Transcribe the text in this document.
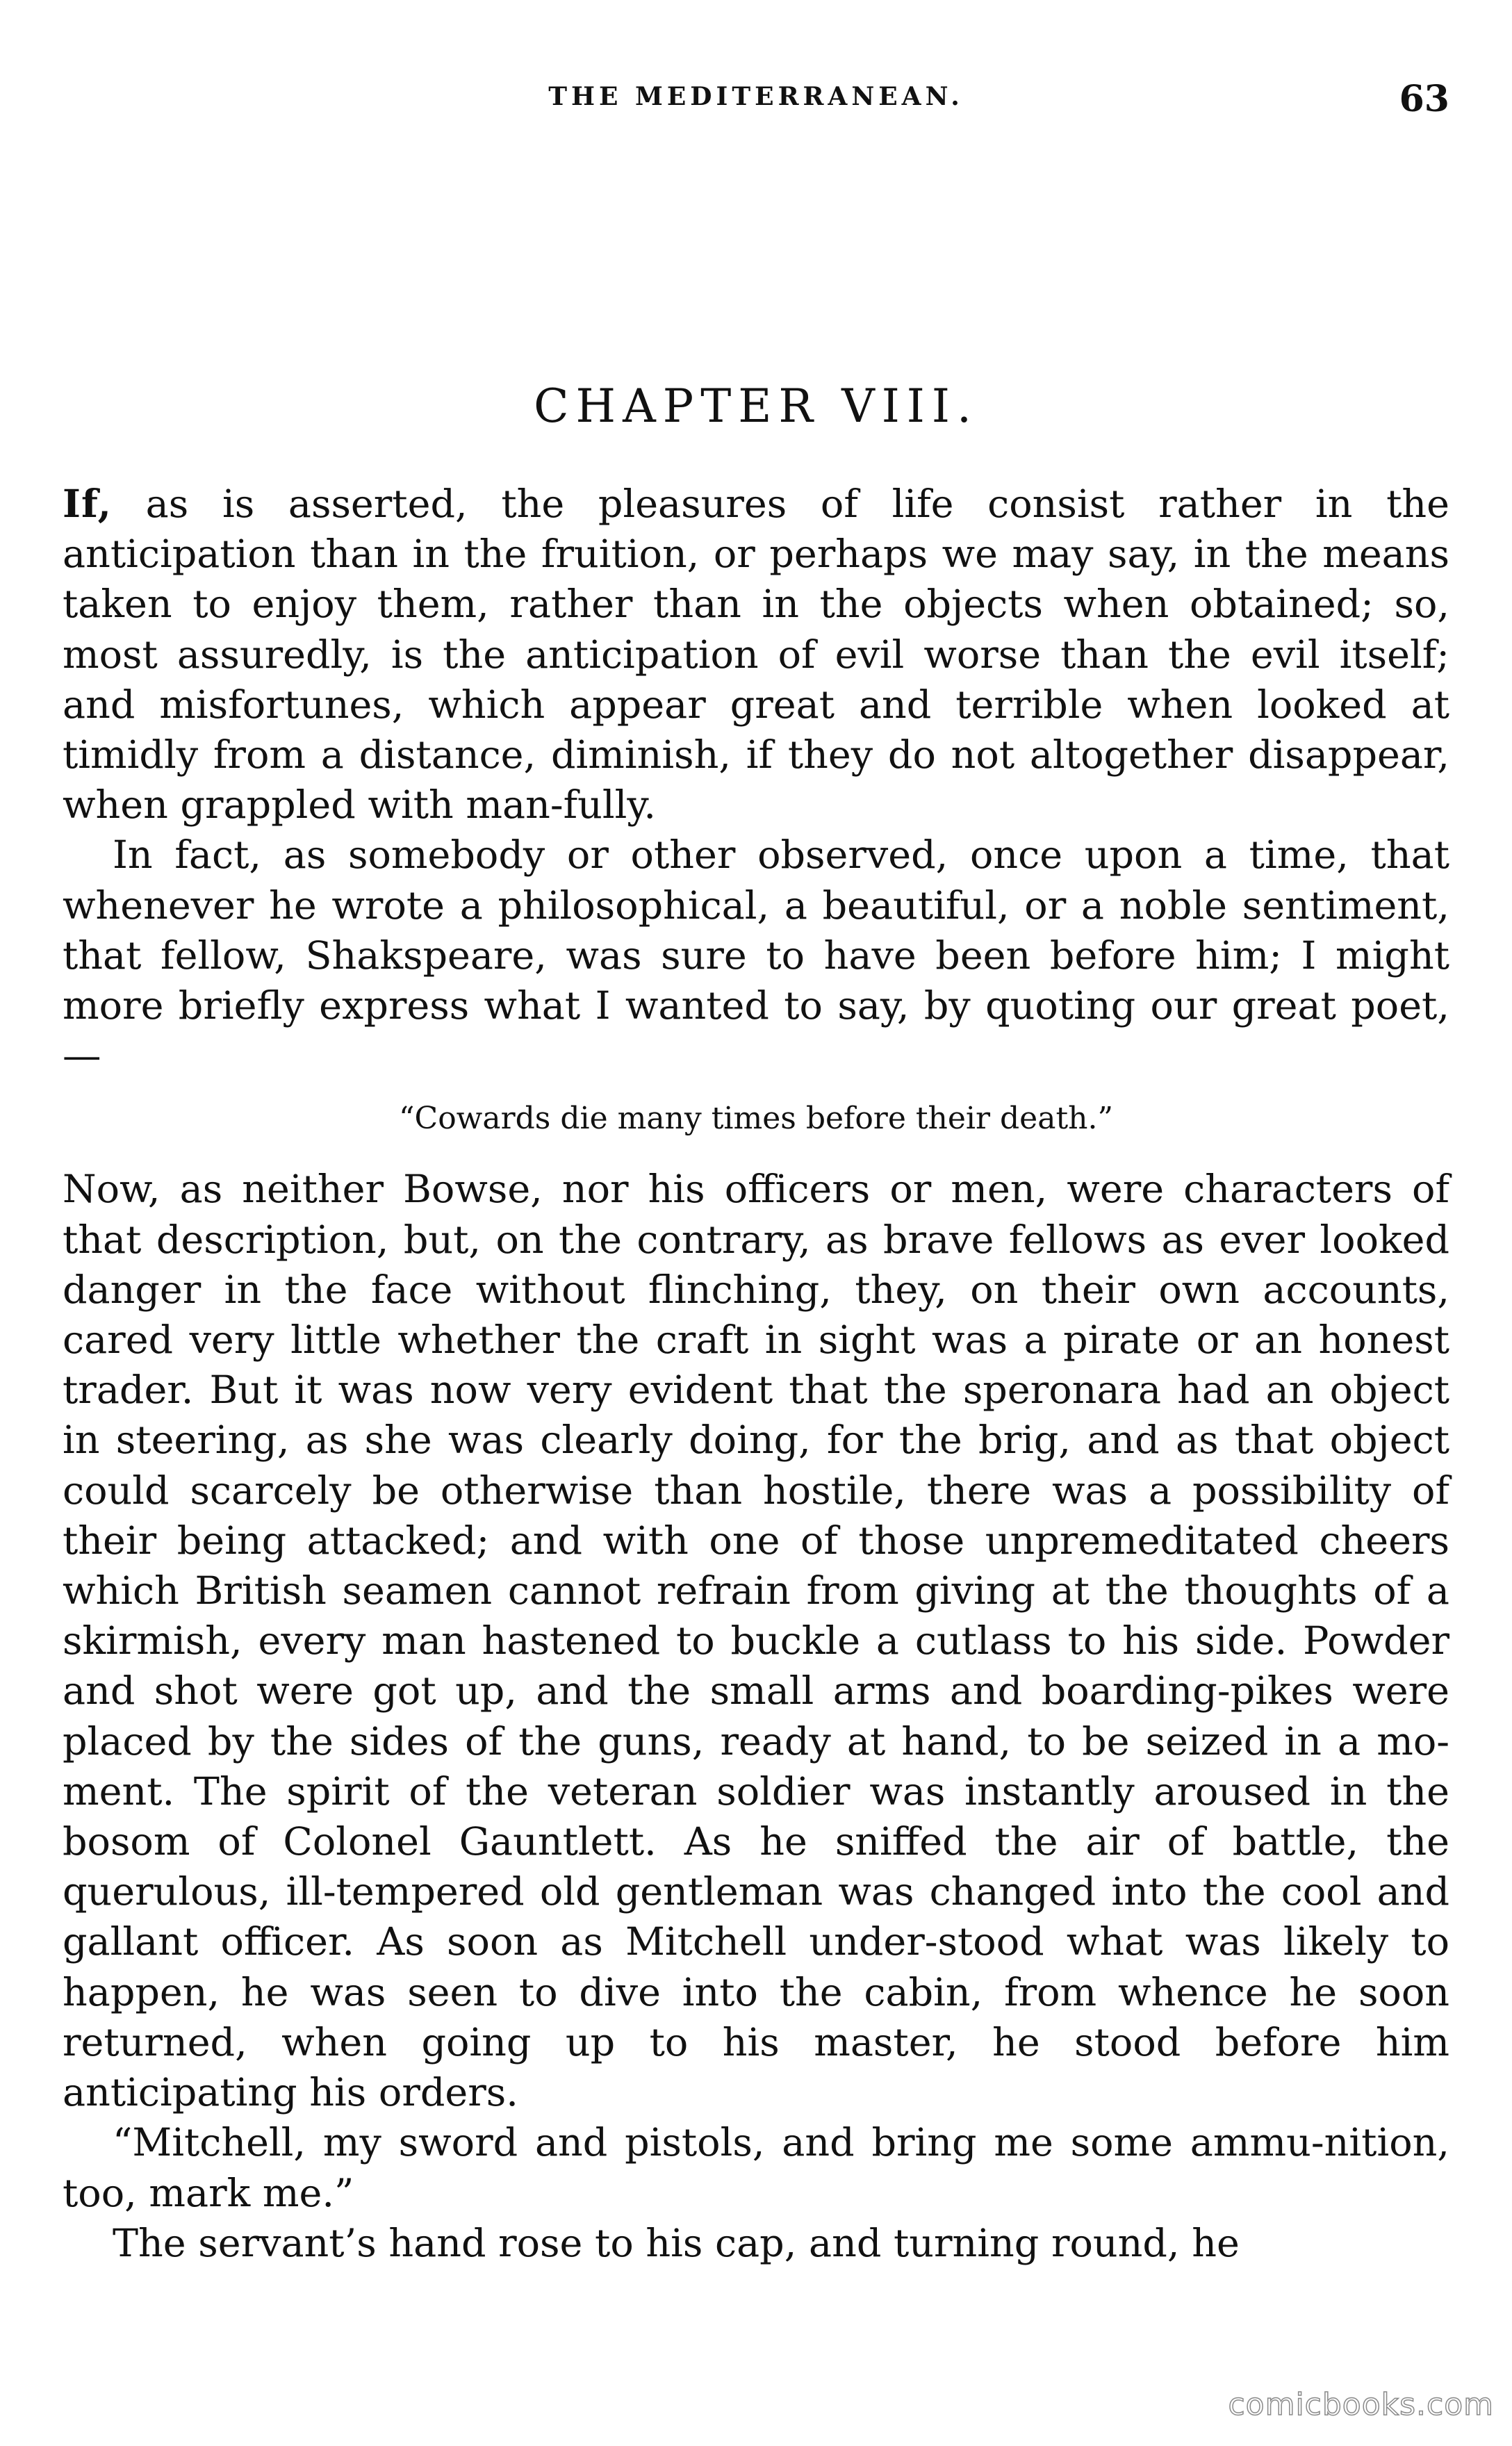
THE MEDITERRANEAN.	63
CHAPTER VIII.

If, as is asserted, the pleasures of life consist rather in the anticipation than in the fruition, or perhaps we may say, in the means taken to enjoy them, rather than in the objects when obtained; so, most assuredly, is the anticipation of evil worse than the evil itself; and misfortunes, which appear great and terrible when looked at timidly from a distance, diminish, if they do not altogether disappear, when grappled with man-fully.

In fact, as somebody or other observed, once upon a time, that whenever he wrote a philosophical, a beautiful, or a noble sentiment, that fellow, Shakspeare, was sure to have been before him; I might more briefly express what I wanted to say, by quoting our great poet,—

“Cowards die many times before their death.”

Now, as neither Bowse, nor his officers or men, were characters of that description, but, on the contrary, as brave fellows as ever looked danger in the face without flinching, they, on their own accounts, cared very little whether the craft in sight was a pirate or an honest trader. But it was now very evident that the speronara had an object in steering, as she was clearly doing, for the brig, and as that object could scarcely be otherwise than hostile, there was a possibility of their being attacked; and with one of those unpremeditated cheers which British seamen cannot refrain from giving at the thoughts of a skirmish, every man hastened to buckle a cutlass to his side. Powder and shot were got up, and the small arms and boarding-pikes were placed by the sides of the guns, ready at hand, to be seized in a mo-ment. The spirit of the veteran soldier was instantly aroused in the bosom of Colonel Gauntlett. As he sniffed the air of battle, the querulous, ill-tempered old gentleman was changed into the cool and gallant officer. As soon as Mitchell under-stood what was likely to happen, he was seen to dive into the cabin, from whence he soon returned, when going up to his master, he stood before him anticipating his orders.

“Mitchell, my sword and pistols, and bring me some ammu-nition, too, mark me.”

The servant’s hand rose to his cap, and turning round, he

comicbooks.com
